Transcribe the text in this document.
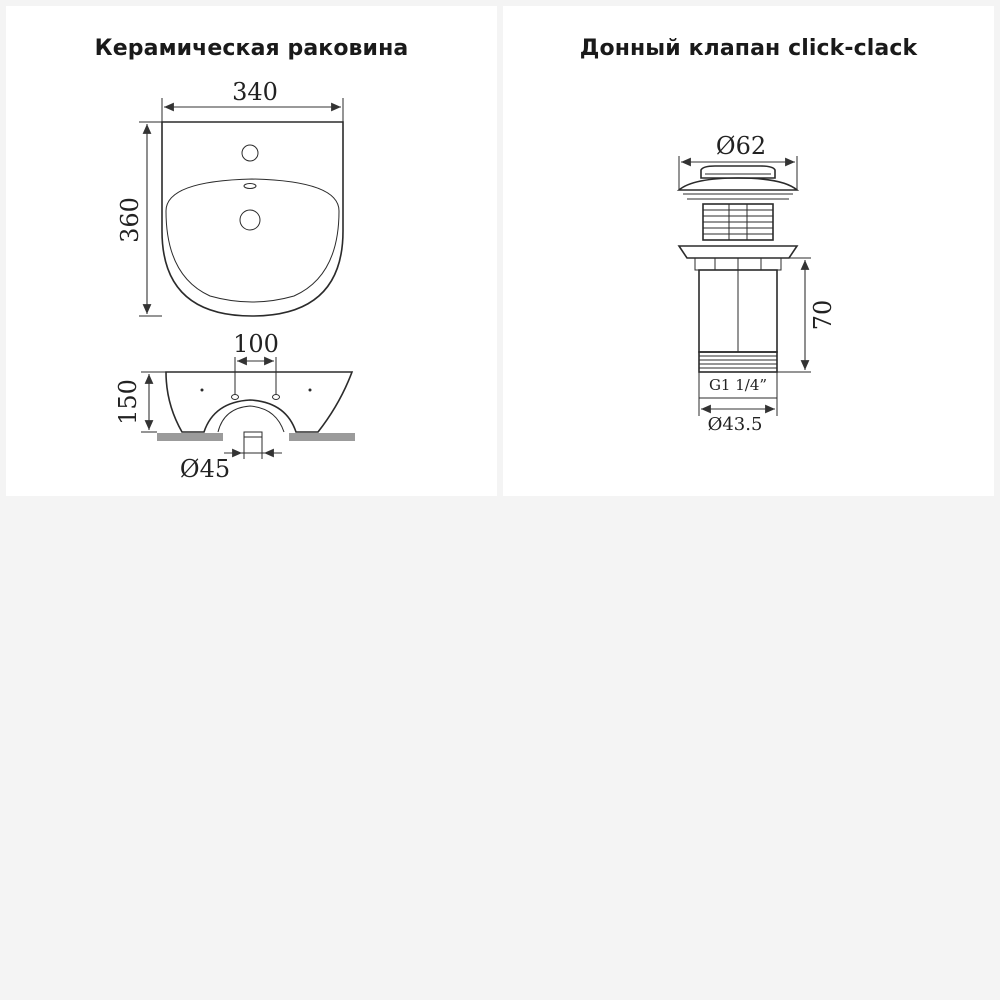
Керамическая раковина
340
360
100
150
Ø45
Донный клапан click-clack
Ø62
70
G1 1/4”
Ø43.5
